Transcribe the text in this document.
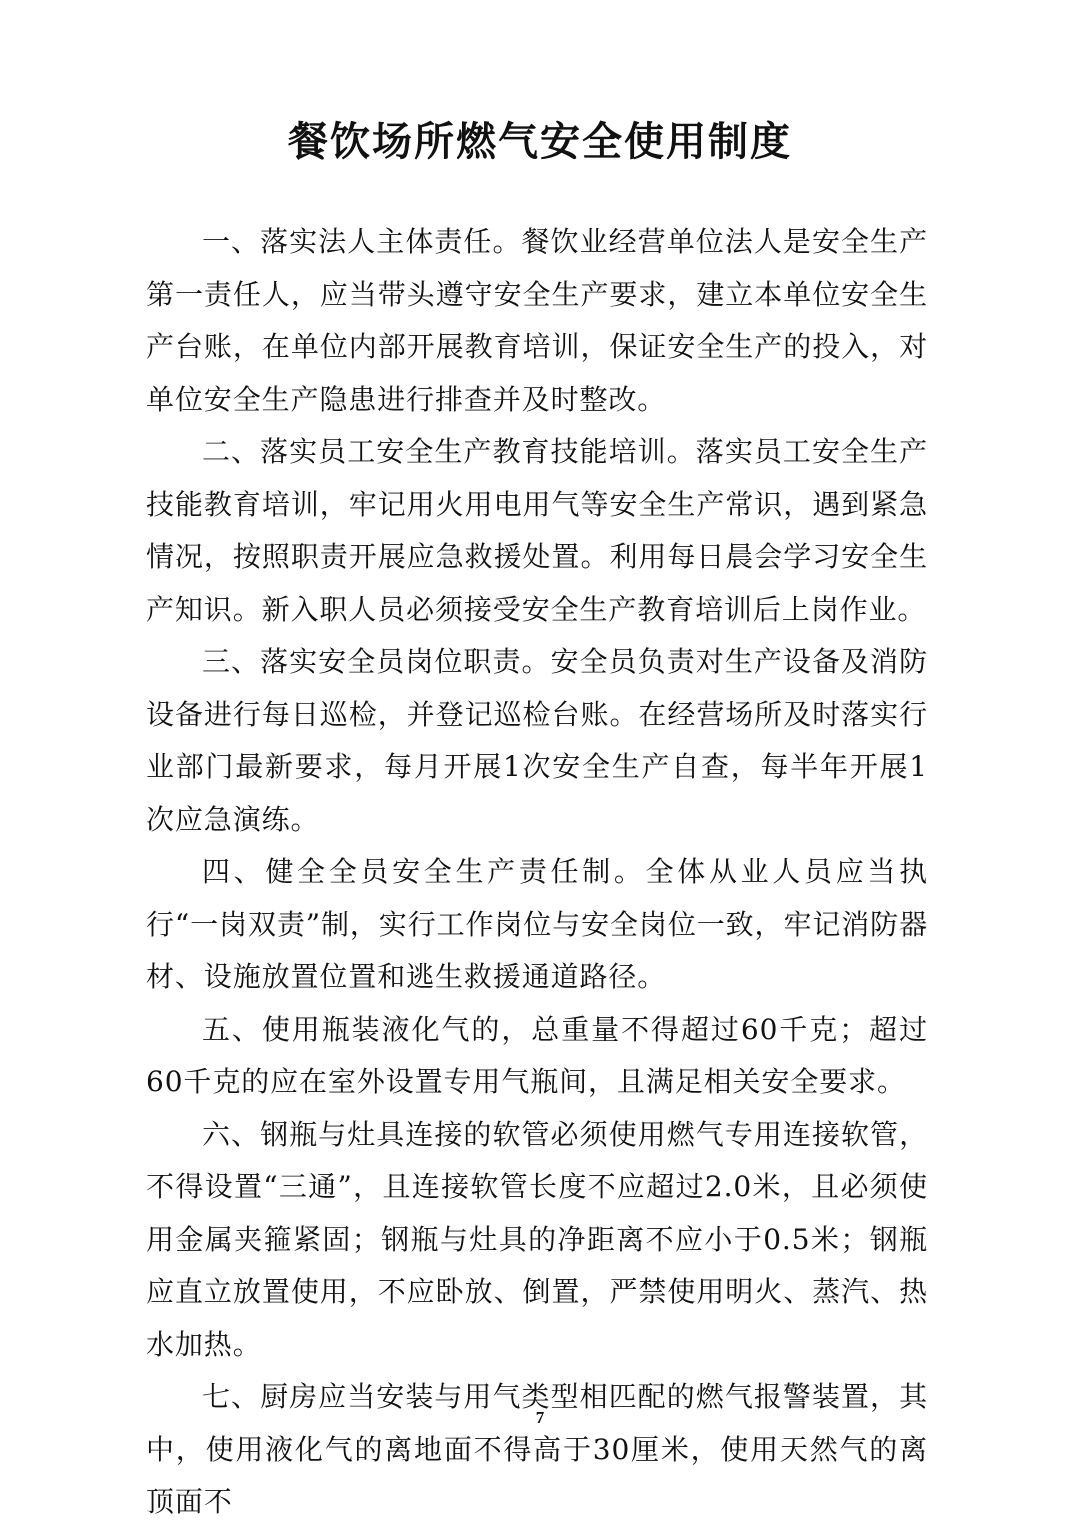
餐饮场所燃气安全使用制度

一、落实法人主体责任。餐饮业经营单位法人是安全生产第一责任人，应当带头遵守安全生产要求，建立本单位安全生产台账，在单位内部开展教育培训，保证安全生产的投入，对单位安全生产隐患进行排查并及时整改。

二、落实员工安全生产教育技能培训。落实员工安全生产技能教育培训，牢记用火用电用气等安全生产常识，遇到紧急情况，按照职责开展应急救援处置。利用每日晨会学习安全生产知识。新入职人员必须接受安全生产教育培训后上岗作业。

三、落实安全员岗位职责。安全员负责对生产设备及消防设备进行每日巡检，并登记巡检台账。在经营场所及时落实行业部门最新要求，每月开展1次安全生产自查，每半年开展1次应急演练。

四、健全全员安全生产责任制。全体从业人员应当执行“一岗双责”制，实行工作岗位与安全岗位一致，牢记消防器材、设施放置位置和逃生救援通道路径。

五、使用瓶装液化气的，总重量不得超过60千克；超过60千克的应在室外设置专用气瓶间，且满足相关安全要求。

六、钢瓶与灶具连接的软管必须使用燃气专用连接软管，不得设置“三通”，且连接软管长度不应超过2.0米，且必须使用金属夹箍紧固；钢瓶与灶具的净距离不应小于0.5米；钢瓶应直立放置使用，不应卧放、倒置，严禁使用明火、蒸汽、热水加热。

七、厨房应当安装与用气类型相匹配的燃气报警装置，其中，使用液化气的离地面不得高于30厘米，使用天然气的离顶面不

7
